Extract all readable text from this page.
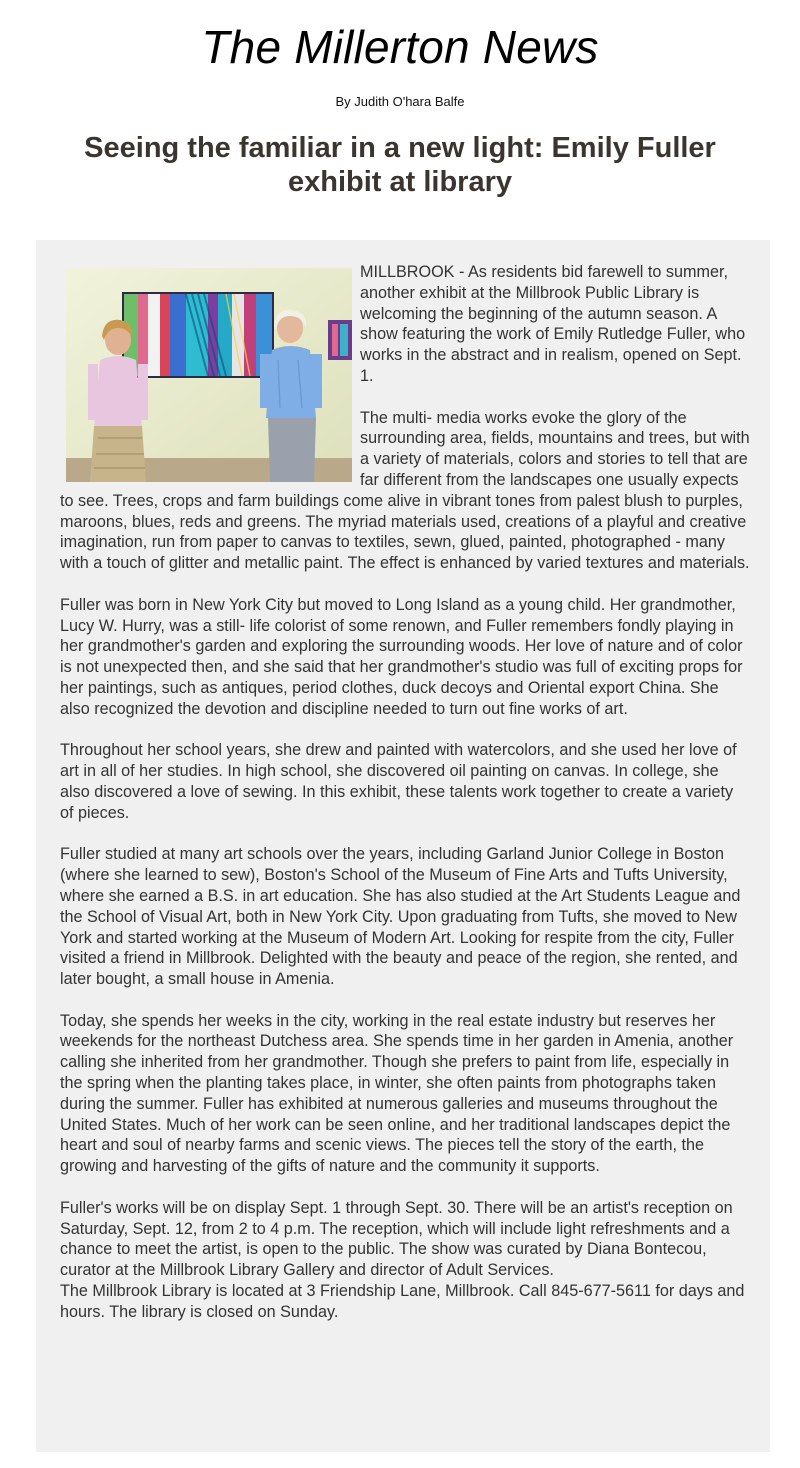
The Millerton News
By Judith O'hara Balfe
Seeing the familiar in a new light: Emily Fuller exhibit at library

MILLBROOK - As residents bid farewell to summer, another exhibit at the Millbrook Public Library is welcoming the beginning of the autumn season. A show featuring the work of Emily Rutledge Fuller, who works in the abstract and in realism, opened on Sept. 1.

The multi- media works evoke the glory of the surrounding area, fields, mountains and trees, but with a variety of materials, colors and stories to tell that are far different from the landscapes one usually expects to see. Trees, crops and farm buildings come alive in vibrant tones from palest blush to purples, maroons, blues, reds and greens. The myriad materials used, creations of a playful and creative imagination, run from paper to canvas to textiles, sewn, glued, painted, photographed - many with a touch of glitter and metallic paint. The effect is enhanced by varied textures and materials.

Fuller was born in New York City but moved to Long Island as a young child. Her grandmother, Lucy W. Hurry, was a still- life colorist of some renown, and Fuller remembers fondly playing in her grandmother's garden and exploring the surrounding woods. Her love of nature and of color is not unexpected then, and she said that her grandmother's studio was full of exciting props for her paintings, such as antiques, period clothes, duck decoys and Oriental export China. She also recognized the devotion and discipline needed to turn out fine works of art.

Throughout her school years, she drew and painted with watercolors, and she used her love of art in all of her studies. In high school, she discovered oil painting on canvas. In college, she also discovered a love of sewing. In this exhibit, these talents work together to create a variety of pieces.

Fuller studied at many art schools over the years, including Garland Junior College in Boston (where she learned to sew), Boston's School of the Museum of Fine Arts and Tufts University, where she earned a B.S. in art education. She has also studied at the Art Students League and the School of Visual Art, both in New York City. Upon graduating from Tufts, she moved to New York and started working at the Museum of Modern Art. Looking for respite from the city, Fuller visited a friend in Millbrook. Delighted with the beauty and peace of the region, she rented, and later bought, a small house in Amenia.

Today, she spends her weeks in the city, working in the real estate industry but reserves her weekends for the northeast Dutchess area. She spends time in her garden in Amenia, another calling she inherited from her grandmother. Though she prefers to paint from life, especially in the spring when the planting takes place, in winter, she often paints from photographs taken during the summer. Fuller has exhibited at numerous galleries and museums throughout the United States. Much of her work can be seen online, and her traditional landscapes depict the heart and soul of nearby farms and scenic views. The pieces tell the story of the earth, the growing and harvesting of the gifts of nature and the community it supports.

Fuller's works will be on display Sept. 1 through Sept. 30. There will be an artist's reception on Saturday, Sept. 12, from 2 to 4 p.m. The reception, which will include light refreshments and a chance to meet the artist, is open to the public. The show was curated by Diana Bontecou, curator at the Millbrook Library Gallery and director of Adult Services.

The Millbrook Library is located at 3 Friendship Lane, Millbrook. Call 845-677-5611 for days and hours. The library is closed on Sunday.
